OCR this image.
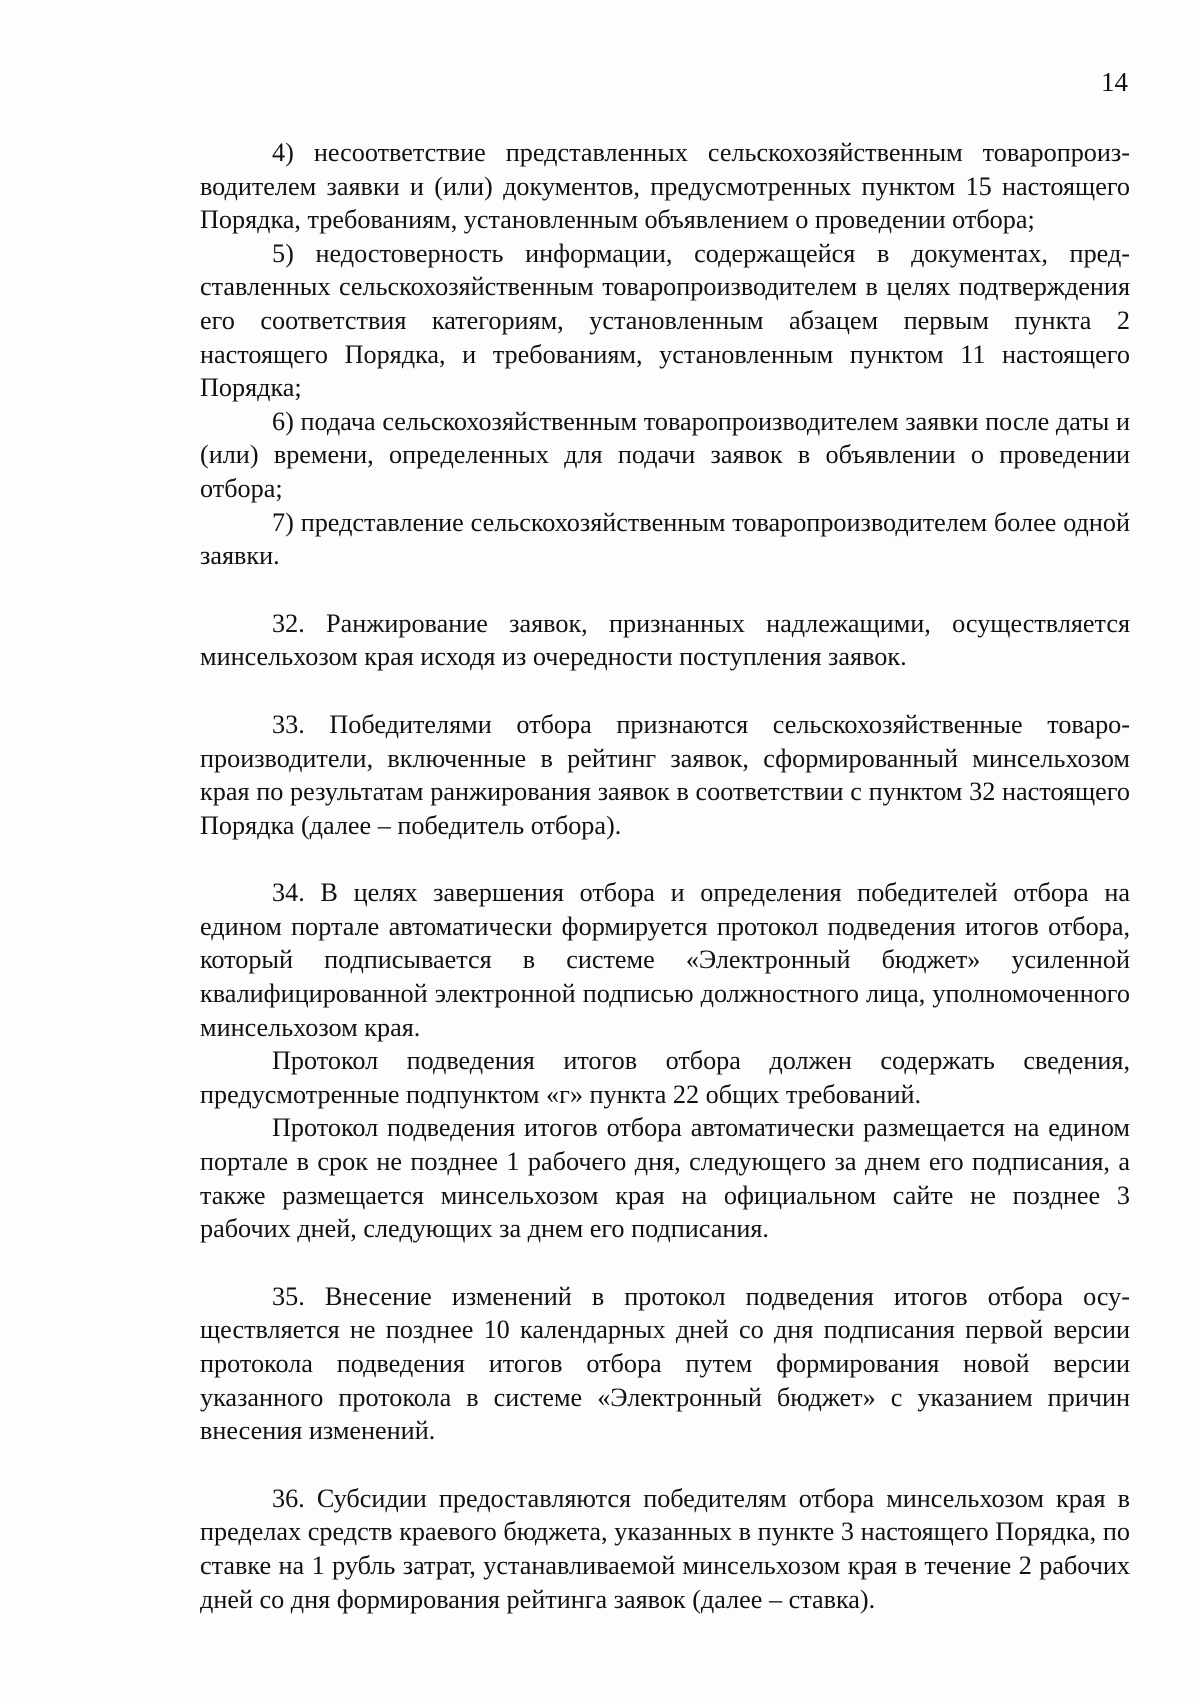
14

4) несоответствие представленных сельскохозяйственным товаропроизводителем заявки и (или) документов, предусмотренных пунктом 15 настоящего Порядка, требованиям, установленным объявлением о проведении отбора;

5) недостоверность информации, содержащейся в документах, представленных сельскохозяйственным товаропроизводителем в целях подтверждения его соответствия категориям, установленным абзацем первым пункта 2 настоящего Порядка, и требованиям, установленным пунктом 11 настоящего Порядка;

6) подача сельскохозяйственным товаропроизводителем заявки после даты и (или) времени, определенных для подачи заявок в объявлении о проведении отбора;

7) представление сельскохозяйственным товаропроизводителем более одной заявки.

32. Ранжирование заявок, признанных надлежащими, осуществляется минсельхозом края исходя из очередности поступления заявок.

33. Победителями отбора признаются сельскохозяйственные товаропроизводители, включенные в рейтинг заявок, сформированный минсельхозом края по результатам ранжирования заявок в соответствии с пунктом 32 настоящего Порядка (далее – победитель отбора).

34. В целях завершения отбора и определения победителей отбора на едином портале автоматически формируется протокол подведения итогов отбора, который подписывается в системе «Электронный бюджет» усиленной квалифицированной электронной подписью должностного лица, уполномоченного минсельхозом края.

Протокол подведения итогов отбора должен содержать сведения, предусмотренные подпунктом «г» пункта 22 общих требований.

Протокол подведения итогов отбора автоматически размещается на едином портале в срок не позднее 1 рабочего дня, следующего за днем его подписания, а также размещается минсельхозом края на официальном сайте не позднее 3 рабочих дней, следующих за днем его подписания.

35. Внесение изменений в протокол подведения итогов отбора осуществляется не позднее 10 календарных дней со дня подписания первой версии протокола подведения итогов отбора путем формирования новой версии указанного протокола в системе «Электронный бюджет» с указанием причин внесения изменений.

36. Субсидии предоставляются победителям отбора минсельхозом края в пределах средств краевого бюджета, указанных в пункте 3 настоящего Порядка, по ставке на 1 рубль затрат, устанавливаемой минсельхозом края в течение 2 рабочих дней со дня формирования рейтинга заявок (далее – ставка).
